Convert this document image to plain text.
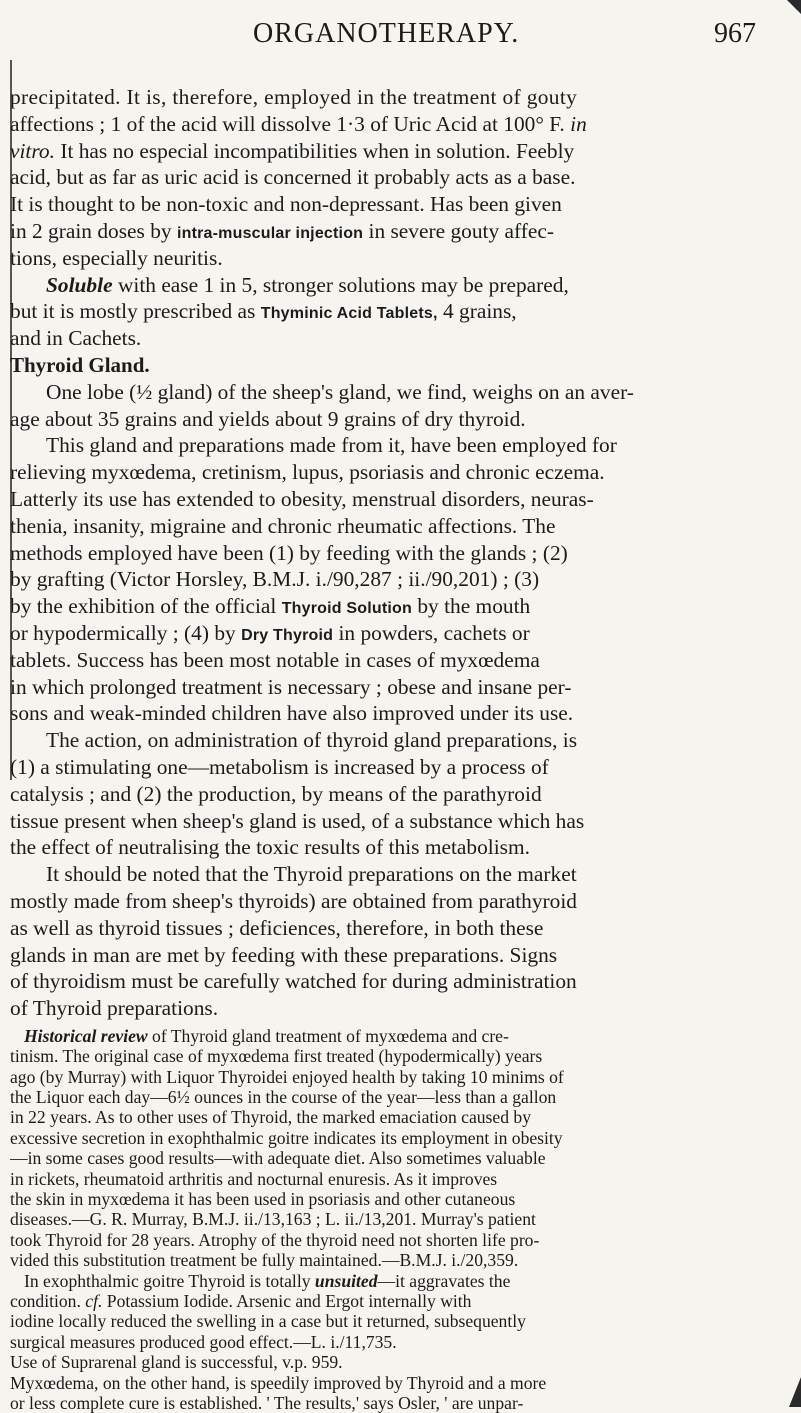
ORGANOTHERAPY.	967
precipitated. It is, therefore, employed in the treatment of gouty
affections ; 1 of the acid will dissolve 1·3 of Uric Acid at 100° F. in
vitro. It has no especial incompatibilities when in solution. Feebly
acid, but as far as uric acid is concerned it probably acts as a base.
It is thought to be non-toxic and non-depressant. Has been given
in 2 grain doses by intra-muscular injection in severe gouty affec-
tions, especially neuritis.
Soluble with ease 1 in 5, stronger solutions may be prepared,
but it is mostly prescribed as Thyminic Acid Tablets, 4 grains,
and in Cachets.
Thyroid Gland.
One lobe (½ gland) of the sheep's gland, we find, weighs on an aver-
age about 35 grains and yields about 9 grains of dry thyroid.
This gland and preparations made from it, have been employed for
relieving myxœdema, cretinism, lupus, psoriasis and chronic eczema.
Latterly its use has extended to obesity, menstrual disorders, neuras-
thenia, insanity, migraine and chronic rheumatic affections. The
methods employed have been (1) by feeding with the glands ; (2)
by grafting (Victor Horsley, B.M.J. i./90,287 ; ii./90,201) ; (3)
by the exhibition of the official Thyroid Solution by the mouth
or hypodermically ; (4) by Dry Thyroid in powders, cachets or
tablets. Success has been most notable in cases of myxœdema
in which prolonged treatment is necessary ; obese and insane per-
sons and weak-minded children have also improved under its use.
The action, on administration of thyroid gland preparations, is
(1) a stimulating one—metabolism is increased by a process of
catalysis ; and (2) the production, by means of the parathyroid
tissue present when sheep's gland is used, of a substance which has
the effect of neutralising the toxic results of this metabolism.
It should be noted that the Thyroid preparations on the market
mostly made from sheep's thyroids) are obtained from parathyroid
as well as thyroid tissues ; deficiences, therefore, in both these
glands in man are met by feeding with these preparations. Signs
of thyroidism must be carefully watched for during administration
of Thyroid preparations.
Historical review of Thyroid gland treatment of myxœdema and cre-
tinism. The original case of myxœdema first treated (hypodermically) years
ago (by Murray) with Liquor Thyroidei enjoyed health by taking 10 minims of
the Liquor each day—6½ ounces in the course of the year—less than a gallon
in 22 years. As to other uses of Thyroid, the marked emaciation caused by
excessive secretion in exophthalmic goitre indicates its employment in obesity
—in some cases good results—with adequate diet. Also sometimes valuable
in rickets, rheumatoid arthritis and nocturnal enuresis. As it improves
the skin in myxœdema it has been used in psoriasis and other cutaneous
diseases.—G. R. Murray, B.M.J. ii./13,163 ; L. ii./13,201. Murray's patient
took Thyroid for 28 years. Atrophy of the thyroid need not shorten life pro-
vided this substitution treatment be fully maintained.—B.M.J. i./20,359.
In exophthalmic goitre Thyroid is totally unsuited—it aggravates the
condition. cf. Potassium Iodide. Arsenic and Ergot internally with
iodine locally reduced the swelling in a case but it returned, subsequently
surgical measures produced good effect.—L. i./11,735.
Use of Suprarenal gland is successful, v.p. 959.
Myxœdema, on the other hand, is speedily improved by Thyroid and a more
or less complete cure is established. ' The results,' says Osler, ' are unpar-
